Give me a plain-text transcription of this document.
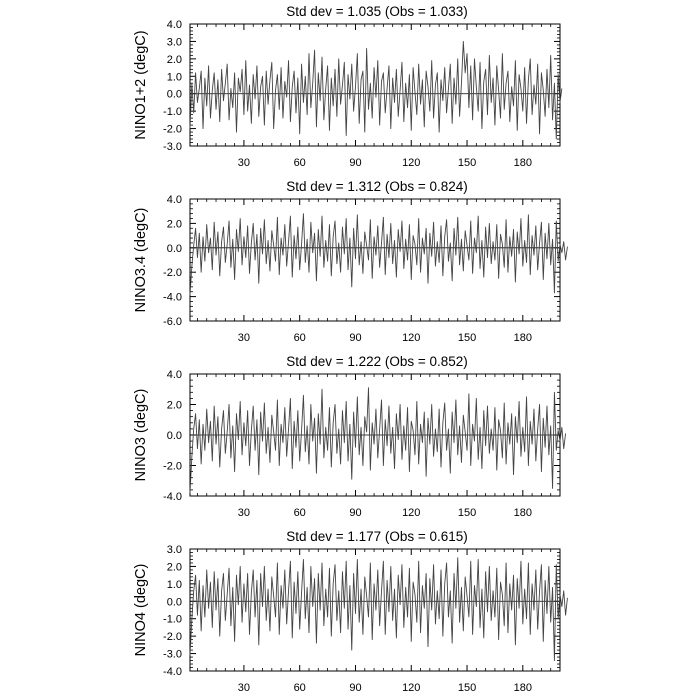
Std dev = 1.035 (Obs = 1.033)
NINO1+2 (degC)
-3.0
-2.0
-1.0
0.0
1.0
2.0
3.0
4.0
30	60	90	120	150	180
Std dev = 1.312 (Obs = 0.824)
NINO3.4 (degC)
-6.0
-4.0
-2.0
0.0
2.0
4.0
30	60	90	120	150	180
Std dev = 1.222 (Obs = 0.852)
NINO3 (degC)
-4.0
-2.0
0.0
2.0
4.0
30	60	90	120	150	180
Std dev = 1.177 (Obs = 0.615)
NINO4 (degC)
-4.0
-3.0
-2.0
-1.0
0.0
1.0
2.0
3.0
30	60	90	120	150	180
